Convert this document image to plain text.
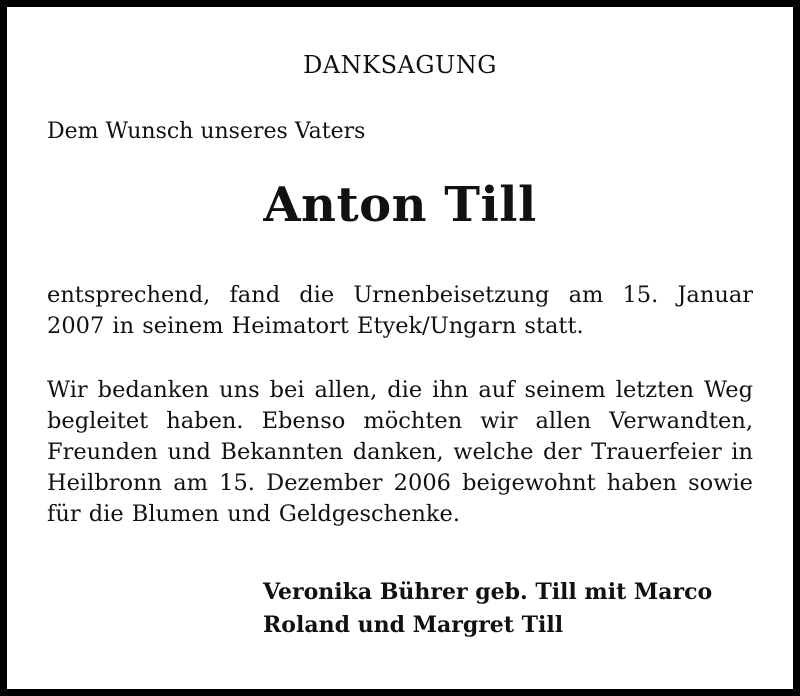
DANKSAGUNG
Dem Wunsch unseres Vaters
Anton Till
entsprechend, fand die Urnenbeisetzung am 15. Januar
2007 in seinem Heimatort Etyek/Ungarn statt.
Wir bedanken uns bei allen, die ihn auf seinem letzten Weg
begleitet haben. Ebenso möchten wir allen Verwandten,
Freunden und Bekannten danken, welche der Trauerfeier in
Heilbronn am 15. Dezember 2006 beigewohnt haben sowie
für die Blumen und Geldgeschenke.
Veronika Bührer geb. Till mit Marco
Roland und Margret Till
